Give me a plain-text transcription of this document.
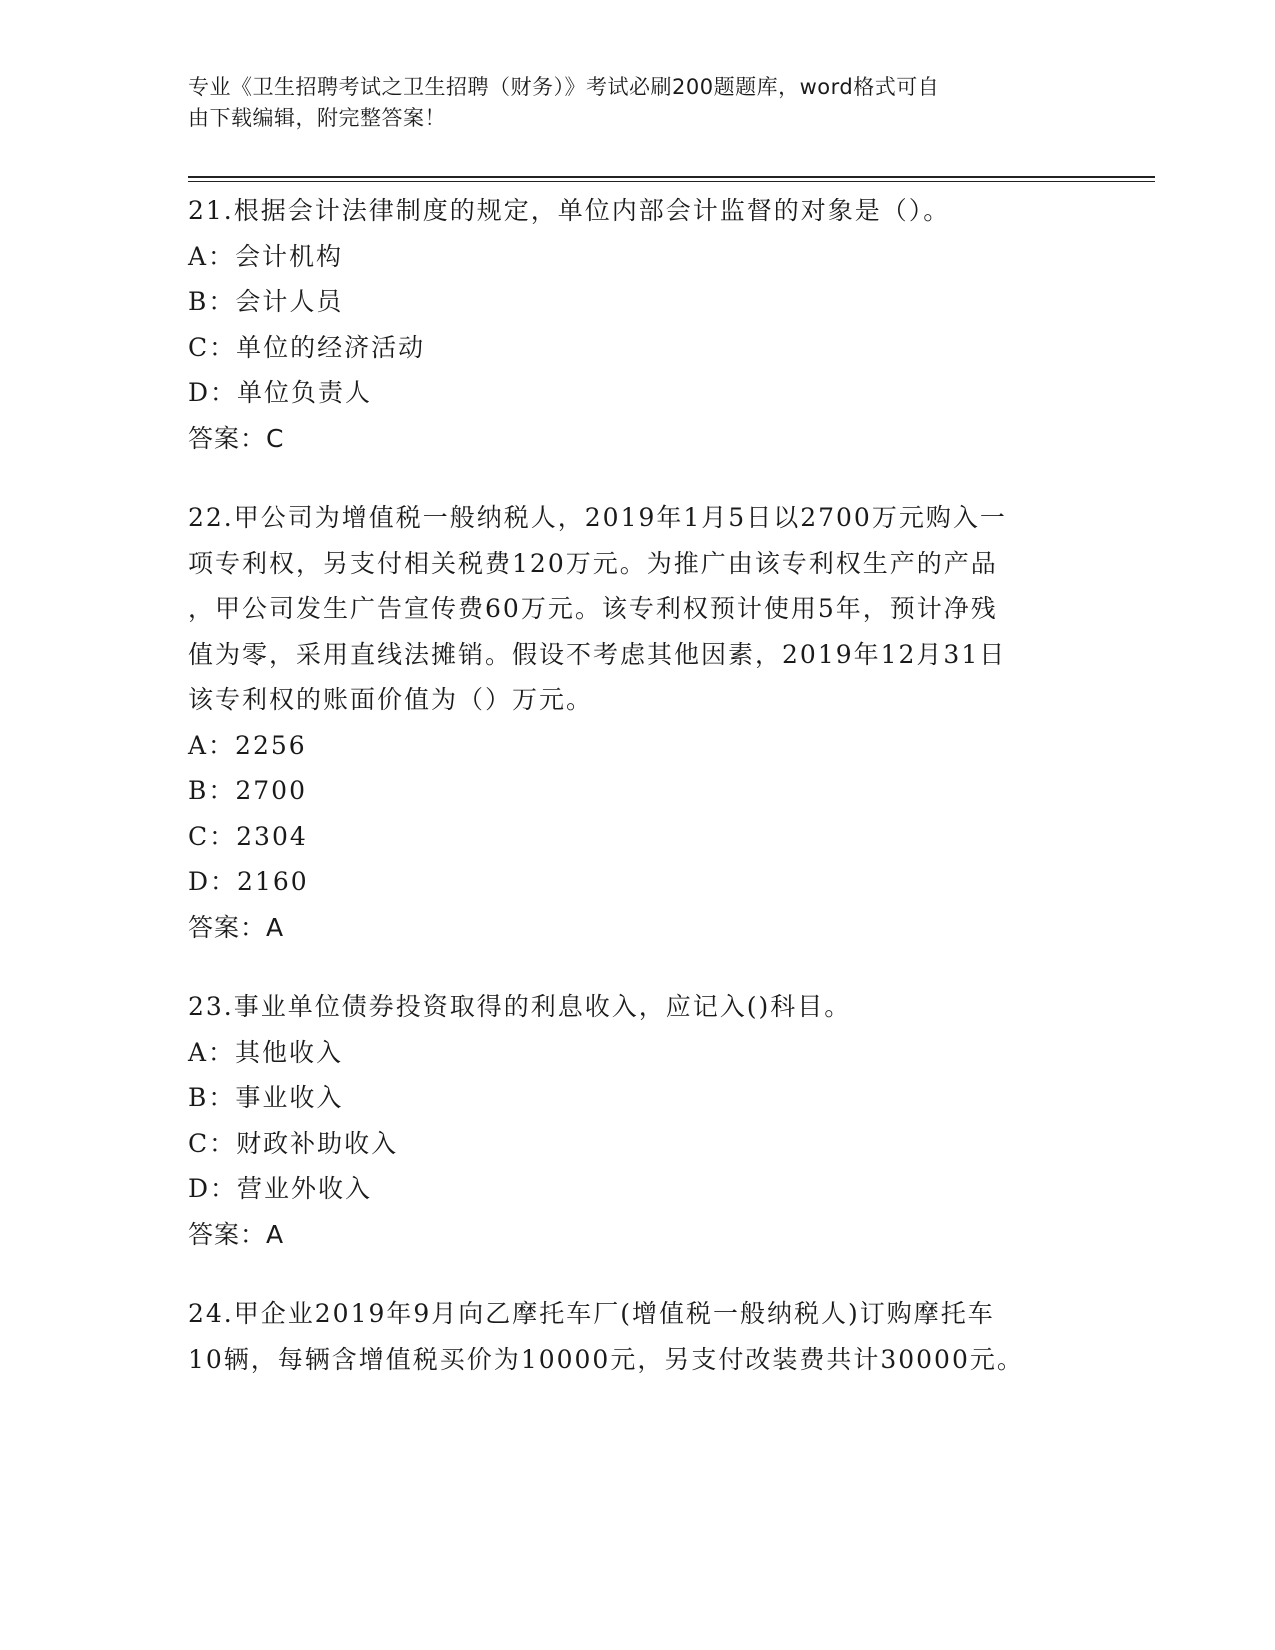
专业《卫生招聘考试之卫生招聘（财务）》考试必刷200题题库，word格式可自
由下载编辑，附完整答案！
21.根据会计法律制度的规定，单位内部会计监督的对象是（）。
A：会计机构
B：会计人员
C：单位的经济活动
D：单位负责人
答案：C
22.甲公司为增值税一般纳税人，2019年1月5日以2700万元购入一
项专利权，另支付相关税费120万元。为推广由该专利权生产的产品
，甲公司发生广告宣传费60万元。该专利权预计使用5年，预计净残
值为零，采用直线法摊销。假设不考虑其他因素，2019年12月31日
该专利权的账面价值为（）万元。
A：2256
B：2700
C：2304
D：2160
答案：A
23.事业单位债券投资取得的利息收入，应记入()科目。
A：其他收入
B：事业收入
C：财政补助收入
D：营业外收入
答案：A
24.甲企业2019年9月向乙摩托车厂(增值税一般纳税人)订购摩托车
10辆，每辆含增值税买价为10000元，另支付改装费共计30000元。
